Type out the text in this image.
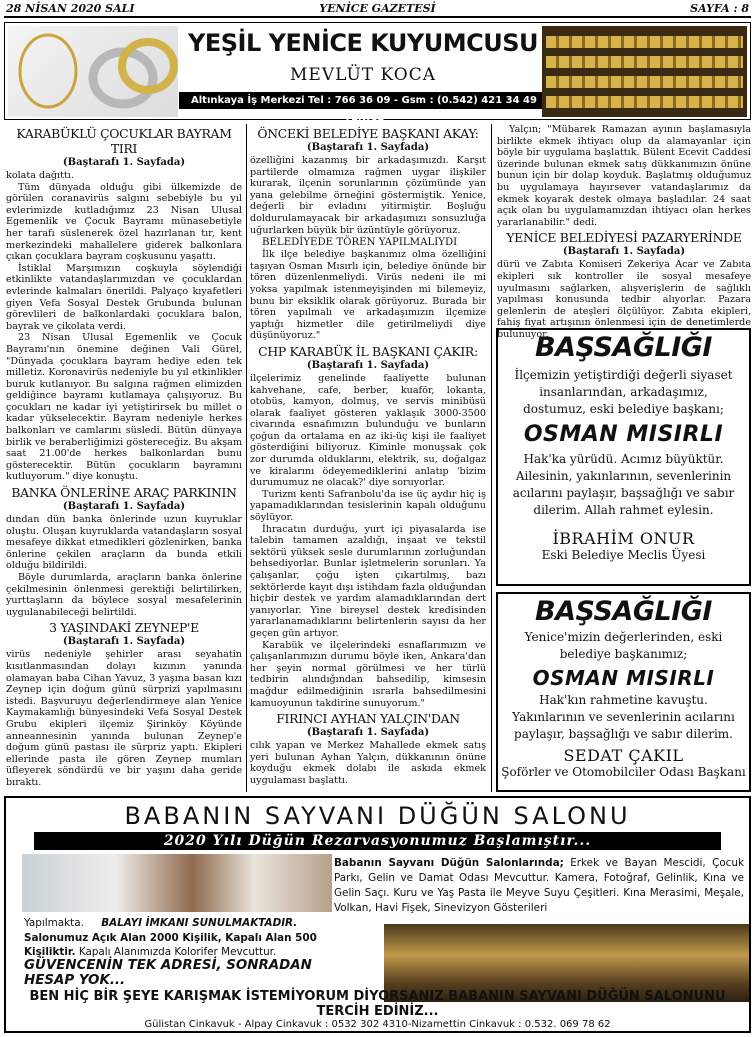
28 NİSAN 2020 SALI	YENİCE GAZETESİ	SAYFA : 8
YEŞİL YENİCE KUYUMCUSU
MEVLÜT KOCA
Altınkaya İş Merkezi Tel : 766 36 09 - Gsm : (0.542) 421 34 49 YENİCE
KARABÜKLÜ ÇOCUKLAR BAYRAM TIRI
(Baştarafı 1. Sayfada)

kolata dağıttı.

Tüm dünyada olduğu gibi ülkemizde de görülen coranavirüs salgını sebebiyle bu yıl evlerimizde kutladığımız 23 Nisan Ulusal Egemenlik ve Çocuk Bayramı münasebetiyle her tarafı süslenerek özel hazırlanan tır, kent merkezindeki mahallelere giderek balkonlara çıkan çocuklara bayram coşkusunu yaşattı.

İstiklal Marşımızın coşkuyla söylendiği etkinlikte vatandaşlarımızdan ve çocuklardan evlerinde kalmaları önerildi. Palyaço kıyafetleri giyen Vefa Sosyal Destek Grubunda bulunan görevlileri de balkonlardaki çocuklara balon, bayrak ve çikolata verdi.

23 Nisan Ulusal Egemenlik ve Çocuk Bayramı'nın önemine değinen Vali Gürel, "Dünyada çocuklara bayram hediye eden tek milletiz. Koronavirüs nedeniyle bu yıl etkinlikler buruk kutlanıyor. Bu salgına rağmen elimizden geldiğince bayramı kutlamaya çalışıyoruz. Bu çocukları ne kadar iyi yetiştirirsek bu millet o kadar yükselecektir. Bayram nedeniyle herkes balkonları ve camlarını süsledi. Bütün dünyaya birlik ve beraberliğimizi göstereceğiz. Bu akşam saat 21.00'de herkes balkonlardan bunu gösterecektir. Bütün çocukların bayramını kutluyorum." diye konuştu.

BANKA ÖNLERİNE ARAÇ PARKININ
(Baştarafı 1. Sayfada)

dından dün banka önlerinde uzun kuyruklar oluştu. Oluşan kuyruklarda vatandaşların sosyal mesafeye dikkat etmedikleri gözlenirken, banka önlerine çekilen araçların da bunda etkili olduğu bildirildi.

Böyle durumlarda, araçların banka önlerine çekilmesinin önlenmesi gerektiği belirtilirken, yurttaşların da böylece sosyal mesafelerinin uygulanabileceği belirtildi.

3 YAŞINDAKİ ZEYNEP'E
(Baştarafı 1. Sayfada)

virüs nedeniyle şehirler arası seyahatin kısıtlanmasından dolayı kızının yanında olamayan baba Cihan Yavuz, 3 yaşına basan kızı Zeynep için doğum günü sürprizi yapılmasını istedi. Başvuruyu değerlendirmeye alan Yenice Kaymakamlığı bünyesindeki Vefa Sosyal Destek Grubu ekipleri ilçemiz Şirinköy Köyünde anneannesinin yanında bulunan Zeynep'e doğum günü pastası ile sürpriz yaptı. Ekipleri ellerinde pasta ile gören Zeynep mumları üfleyerek söndürdü ve bir yaşını daha geride bıraktı.

ÖNCEKİ BELEDİYE BAŞKANI AKAY:
(Baştarafı 1. Sayfada)

özelliğini kazanmış bir arkadaşımızdı. Karşıt partilerde olmamıza rağmen uygar ilişkiler kurarak, ilçenin sorunlarının çözümünde yan yana gelebilme örneğini göstermiştik. Yenice, değerli bir evladını yitirmiştir. Boşluğu doldurulamayacak bir arkadaşımızı sonsuzluğa uğurlarken büyük bir üzüntüyle görüyoruz.

BELEDİYEDE TÖREN YAPILMALIYDI

İlk ilçe belediye başkanımız olma özelliğini taşıyan Osman Mısırlı için, belediye önünde bir tören düzenlenmeliydi. Virüs nedeni ile mi yoksa yapılmak istenmeyişinden mi bilemeyiz, bunu bir eksiklik olarak görüyoruz. Burada bir tören yapılmalı ve arkadaşımızın ilçemize yaptığı hizmetler dile getirilmeliydi diye düşünüyoruz."

CHP KARABÜK İL BAŞKANI ÇAKIR:
(Baştarafı 1. Sayfada)

ilçelerimiz genelinde faaliyette bulunan kahvehane, cafe, berber, kuaför, lokanta, otobüs, kamyon, dolmuş, ve servis minibüsü olarak faaliyet gösteren yaklaşık 3000-3500 civarında esnafımızın bulunduğu ve bunların çoğun da ortalama en az iki-üç kişi ile faaliyet gösterdiğini biliyoruz. Kiminle monuşsak çok zor durumda olduklarını, elektrik, su, doğalgaz ve kiralarını ödeyemediklerini anlatıp 'bizim durumumuz ne olacak?' diye soruyorlar.

Turizm kenti Safranbolu'da ise üç aydır hiç iş yapamadıklarından tesislerinin kapalı olduğunu söylüyor.

İhracatın durduğu, yurt içi piyasalarda ise talebin tamamen azaldığı, inşaat ve tekstil sektörü yüksek sesle durumlarının zorluğundan behsediyorlar. Bunlar işletmelerin sorunları. Ya çalışanlar, çoğu işten çıkartılmış, bazı sektörlerde kayıt dışı istihdam fazla olduğundan hiçbir destek ve yardım alamadıklarından dert yanıyorlar. Yine bireysel destek kredisinden yararlanamadıklarını belirtenlerin sayısı da her geçen gün artıyor.

Karabük ve ilçelerindeki esnaflarımızın ve çalışanlarımızın durumu böyle iken, Ankara'dan her şeyin normal görülmesi ve her türlü tedbirin alındığından bahsedilip, kimsesin mağdur edilmediğinin ısrarla bahsedilmesini kamuoyunun takdirine sunuyorum."

FIRINCI AYHAN YALÇIN'DAN
(Baştarafı 1. Sayfada)

cılık yapan ve Merkez Mahallede ekmek satış yeri bulunan Ayhan Yalçın, dükkanının önüne koyduğu ekmek dolabı ile askıda ekmek uygulaması başlattı.

Yalçın; "Mübarek Ramazan ayının başlamasıyla birlikte ekmek ihtiyacı olup da alamayanlar için böyle bir uygulama başlattık. Bülent Ecevit Caddesi üzerinde bulunan ekmek satış dükkanımızın önüne bunun için bir dolap koyduk. Başlatmış olduğumuz bu uygulamaya hayırsever vatandaşlarımız da ekmek koyarak destek olmaya başladılar. 24 saat açık olan bu uygulamamızdan ihtiyacı olan herkes yararlanabilir." dedi.

YENİCE BELEDİYESİ PAZARYERİNDE
(Baştarafı 1. Sayfada)

dürü ve Zabıta Komiseri Zekeriya Acar ve Zabıta ekipleri sık kontroller ile sosyal mesafeye uyulmasını sağlarken, alışverişlerin de sağlıklı yapılması konusunda tedbir alıyorlar. Pazara gelenlerin de ateşleri ölçülüyor. Zabıta ekipleri, fahiş fiyat artışının önlenmesi için de denetimlerde bulunuyor.

BAŞSAĞLIĞI
İlçemizin yetiştirdiği değerli siyaset insanlarından, arkadaşımız, dostumuz, eski belediye başkanı;
OSMAN MISIRLI
Hak'ka yürüdü. Acımız büyüktür. Ailesinin, yakınlarının, sevenlerinin acılarını paylaşır, başsağlığı ve sabır dilerim. Allah rahmet eylesin.
İBRAHİM ONUR
Eski Belediye Meclis Üyesi
BAŞSAĞLIĞI
Yenice'mizin değerlerinden, eski belediye başkanımız;
OSMAN MISIRLI
Hak'kın rahmetine kavuştu. Yakınlarının ve sevenlerinin acılarını paylaşır, başsağlığı ve sabır dilerim.
SEDAT ÇAKIL
Şoförler ve Otomobilciler Odası Başkanı
BABANIN SAYVANI DÜĞÜN SALONU
2020 Yılı Düğün Rezarvasyonumuz Başlamıştır...
Babanın Sayvanı Düğün Salonlarında; Erkek ve Bayan Mescidi, Çocuk Parkı, Gelin ve Damat Odası Mevcuttur. Kamera, Fotoğraf, Gelinlik, Kına ve Gelin Saçı. Kuru ve Yaş Pasta ile Meyve Suyu Çeşitleri. Kına Merasimi, Meşale, Volkan, Havi Fişek, Sinevizyon Gösterileri
Yapılmakta. BALAYI İMKANI SUNULMAKTADIR.
Salonumuz Açık Alan 2000 Kişilik, Kapalı Alan 500
Kişiliktir. Kapalı Alanımızda Kolorifer Mevcuttur.
GÜVENCENİN TEK ADRESİ, SONRADAN HESAP YOK...
BEN HİÇ BİR ŞEYE KARIŞMAK İSTEMİYORUM DİYORSANIZ BABANIN SAYVANI DÜĞÜN SALONUNU TERCİH EDİNİZ...
Gülistan Cinkavuk - Alpay Cinkavuk : 0532 302 4310-Nizamettin Cinkavuk : 0.532. 069 78 62
